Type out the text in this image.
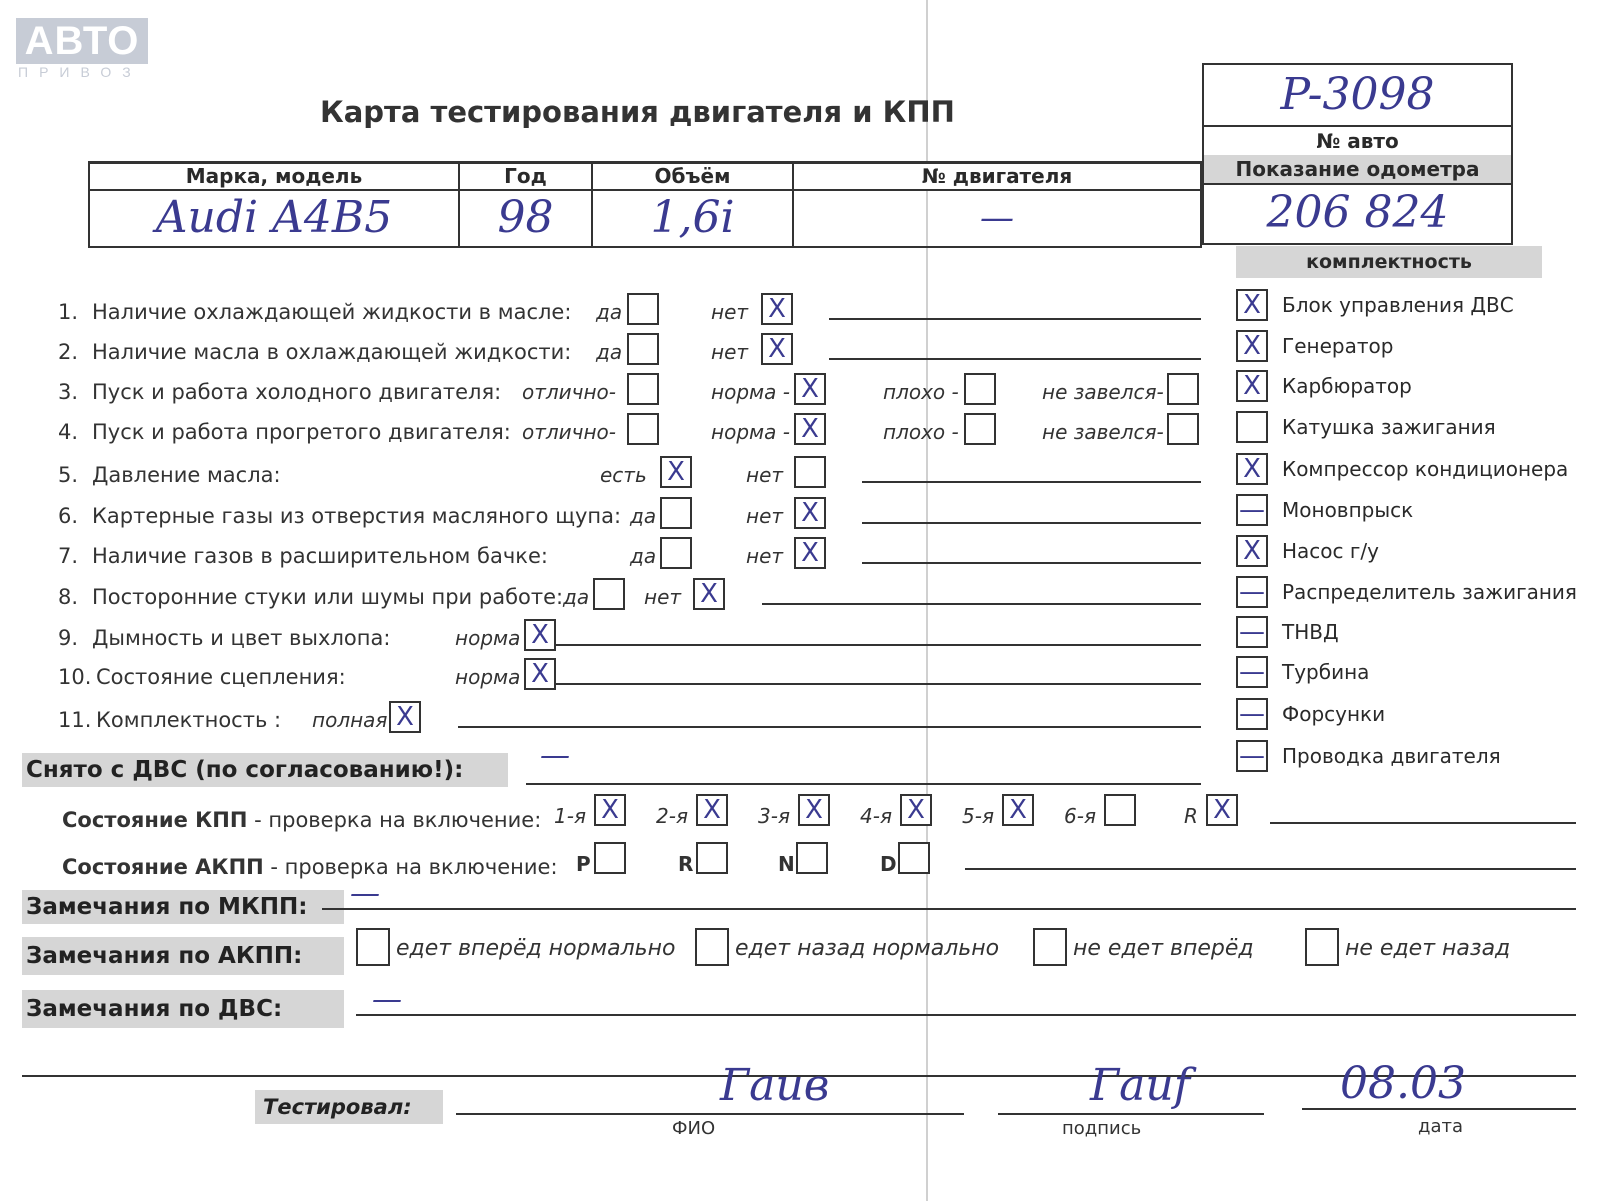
АВТО
ПРИВОЗ
Карта тестирования двигателя и КПП
Марка, модель
Audi A4B5
Год
98
Объём
1,6i
№ двигателя
—
P-3098
№ авто
Показание одометра
206 824
комплектность
X	Блок управления ДВС
X	Генератор
X	Карбюратор
Катушка зажигания
X	Компрессор кондиционера
— Моновпрыск
X	Насос г/у
— Распределитель зажигания
— ТНВД
— Турбина
— Форсунки
— Проводка двигателя
1. Наличие охлаждающей жидкости в масле: да	нет X
2. Наличие масла в охлаждающей жидкости: да	нет X
3. Пуск и работа холодного двигателя: отлично-	норма - X	плохо -	не завелся-
4. Пуск и работа прогретого двигателя: отлично-	норма - X	плохо -	не завелся-
5. Давление масла:	есть X	нет
6. Картерные газы из отверстия масляного щупа: да	нет X
7. Наличие газов в расширительном бачке:	да	нет X
8. Посторонние стуки или шумы при работе: да	нет X
9. Дымность и цвет выхлопа:	норма X
10. Состояние сцепления:	норма X
11. Комплектность : полная X
Снято с ДВС (по согласованию!):	—
Состояние КПП - проверка на включение: 1-я X	2-я X	3-я X	4-я X	5-я X	6-я	R X
Состояние АКПП - проверка на включение: P	R	N	D
Замечания по МКПП:	—
Замечания по АКПП:	едет вперёд нормально	едет назад нормально	не едет вперёд	не едет назад
Замечания по ДВС:	—
Тестировал:	Гаив
ФИО
Гаиf
подпись
08.03
дата
